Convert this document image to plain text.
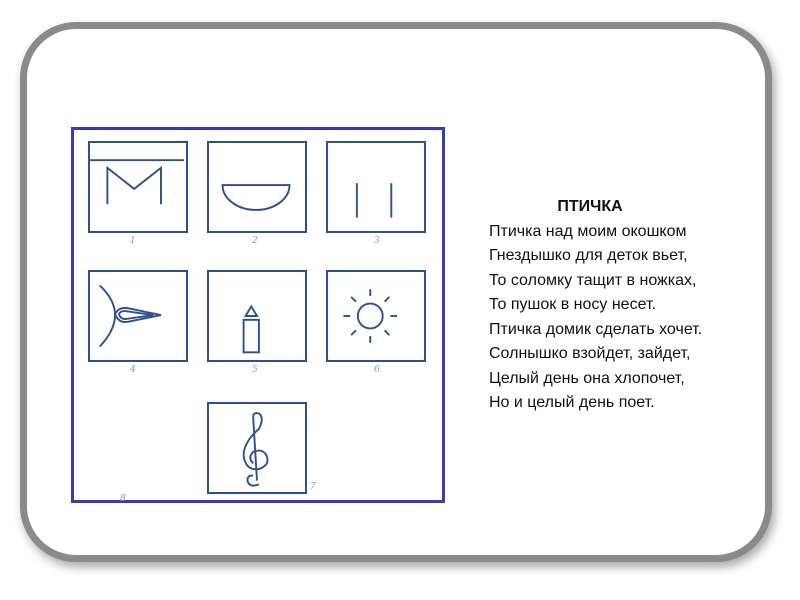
1	2	3
4	5	6
7
8
ПТИЧКА
Птичка над моим окошком
Гнездышко для деток вьет,
То соломку тащит в ножках,
То пушок в носу несет.
Птичка домик сделать хочет.
Солнышко взойдет, зайдет,
Целый день она хлопочет,
Но и целый день поет.
